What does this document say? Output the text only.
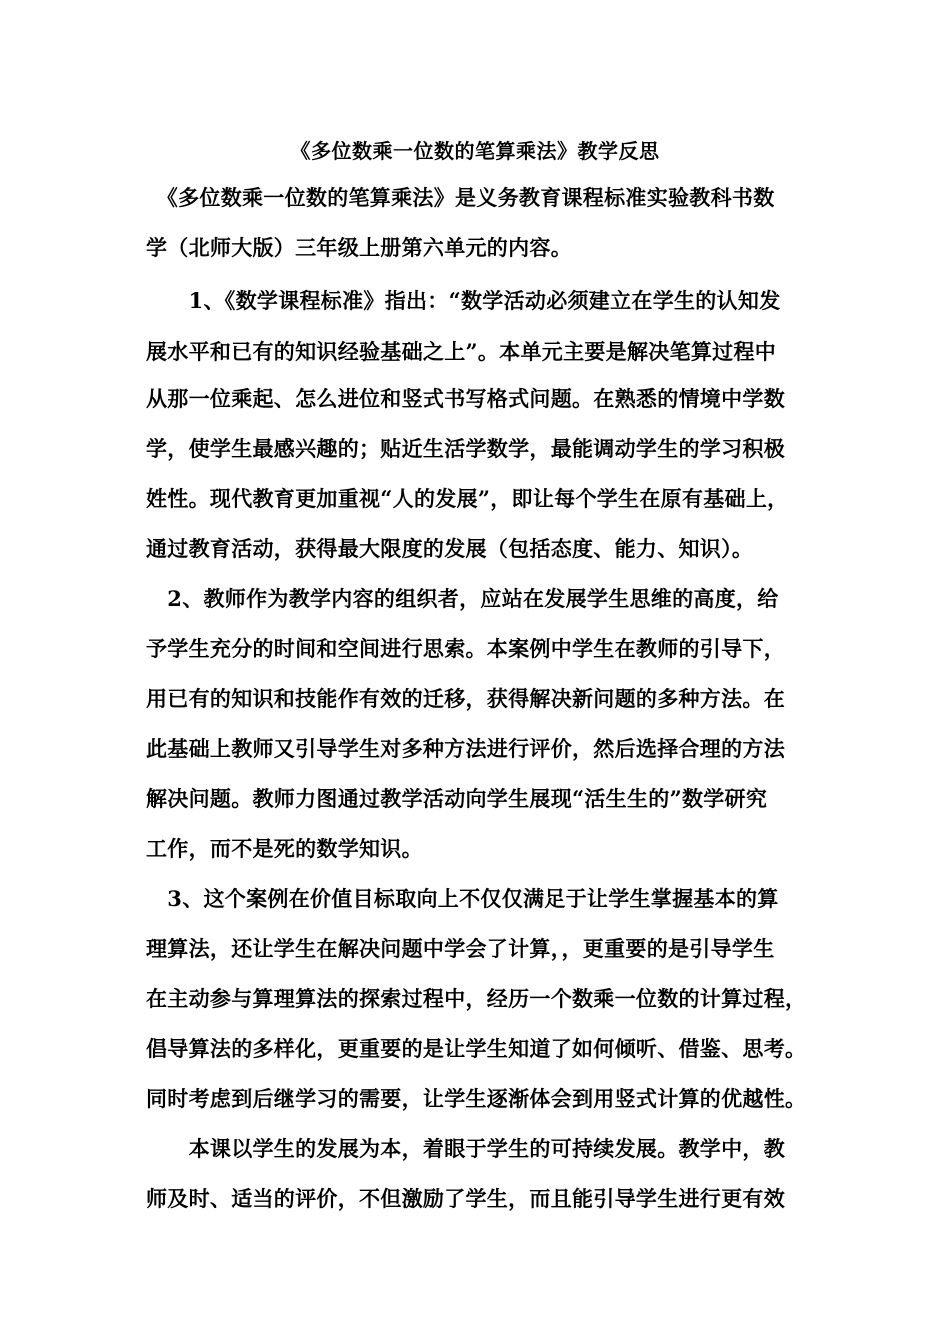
《多位数乘一位数的笔算乘法》教学反思

　《多位数乘一位数的笔算乘法》是义务教育课程标准实验教科书数

学（北师大版）三年级上册第六单元的内容。

　　1、《数学课程标准》指出：“数学活动必须建立在学生的认知发

展水平和已有的知识经验基础之上”。本单元主要是解决笔算过程中

从那一位乘起、怎么进位和竖式书写格式问题。在熟悉的情境中学数

学，使学生最感兴趣的；贴近生活学数学，最能调动学生的学习积极

姓性。现代教育更加重视“人的发展”，即让每个学生在原有基础上，

通过教育活动，获得最大限度的发展（包括态度、能力、知识）。

　2、教师作为教学内容的组织者，应站在发展学生思维的高度，给

予学生充分的时间和空间进行思索。本案例中学生在教师的引导下，

用已有的知识和技能作有效的迁移，获得解决新问题的多种方法。在

此基础上教师又引导学生对多种方法进行评价，然后选择合理的方法

解决问题。教师力图通过教学活动向学生展现“活生生的”数学研究

工作，而不是死的数学知识。

　3、这个案例在价值目标取向上不仅仅满足于让学生掌握基本的算

理算法，还让学生在解决问题中学会了计算，，更重要的是引导学生

在主动参与算理算法的探索过程中，经历一个数乘一位数的计算过程，

倡导算法的多样化，更重要的是让学生知道了如何倾听、借鉴、思考。

同时考虑到后继学习的需要，让学生逐渐体会到用竖式计算的优越性。

　　本课以学生的发展为本，着眼于学生的可持续发展。教学中，教

师及时、适当的评价，不但激励了学生，而且能引导学生进行更有效
